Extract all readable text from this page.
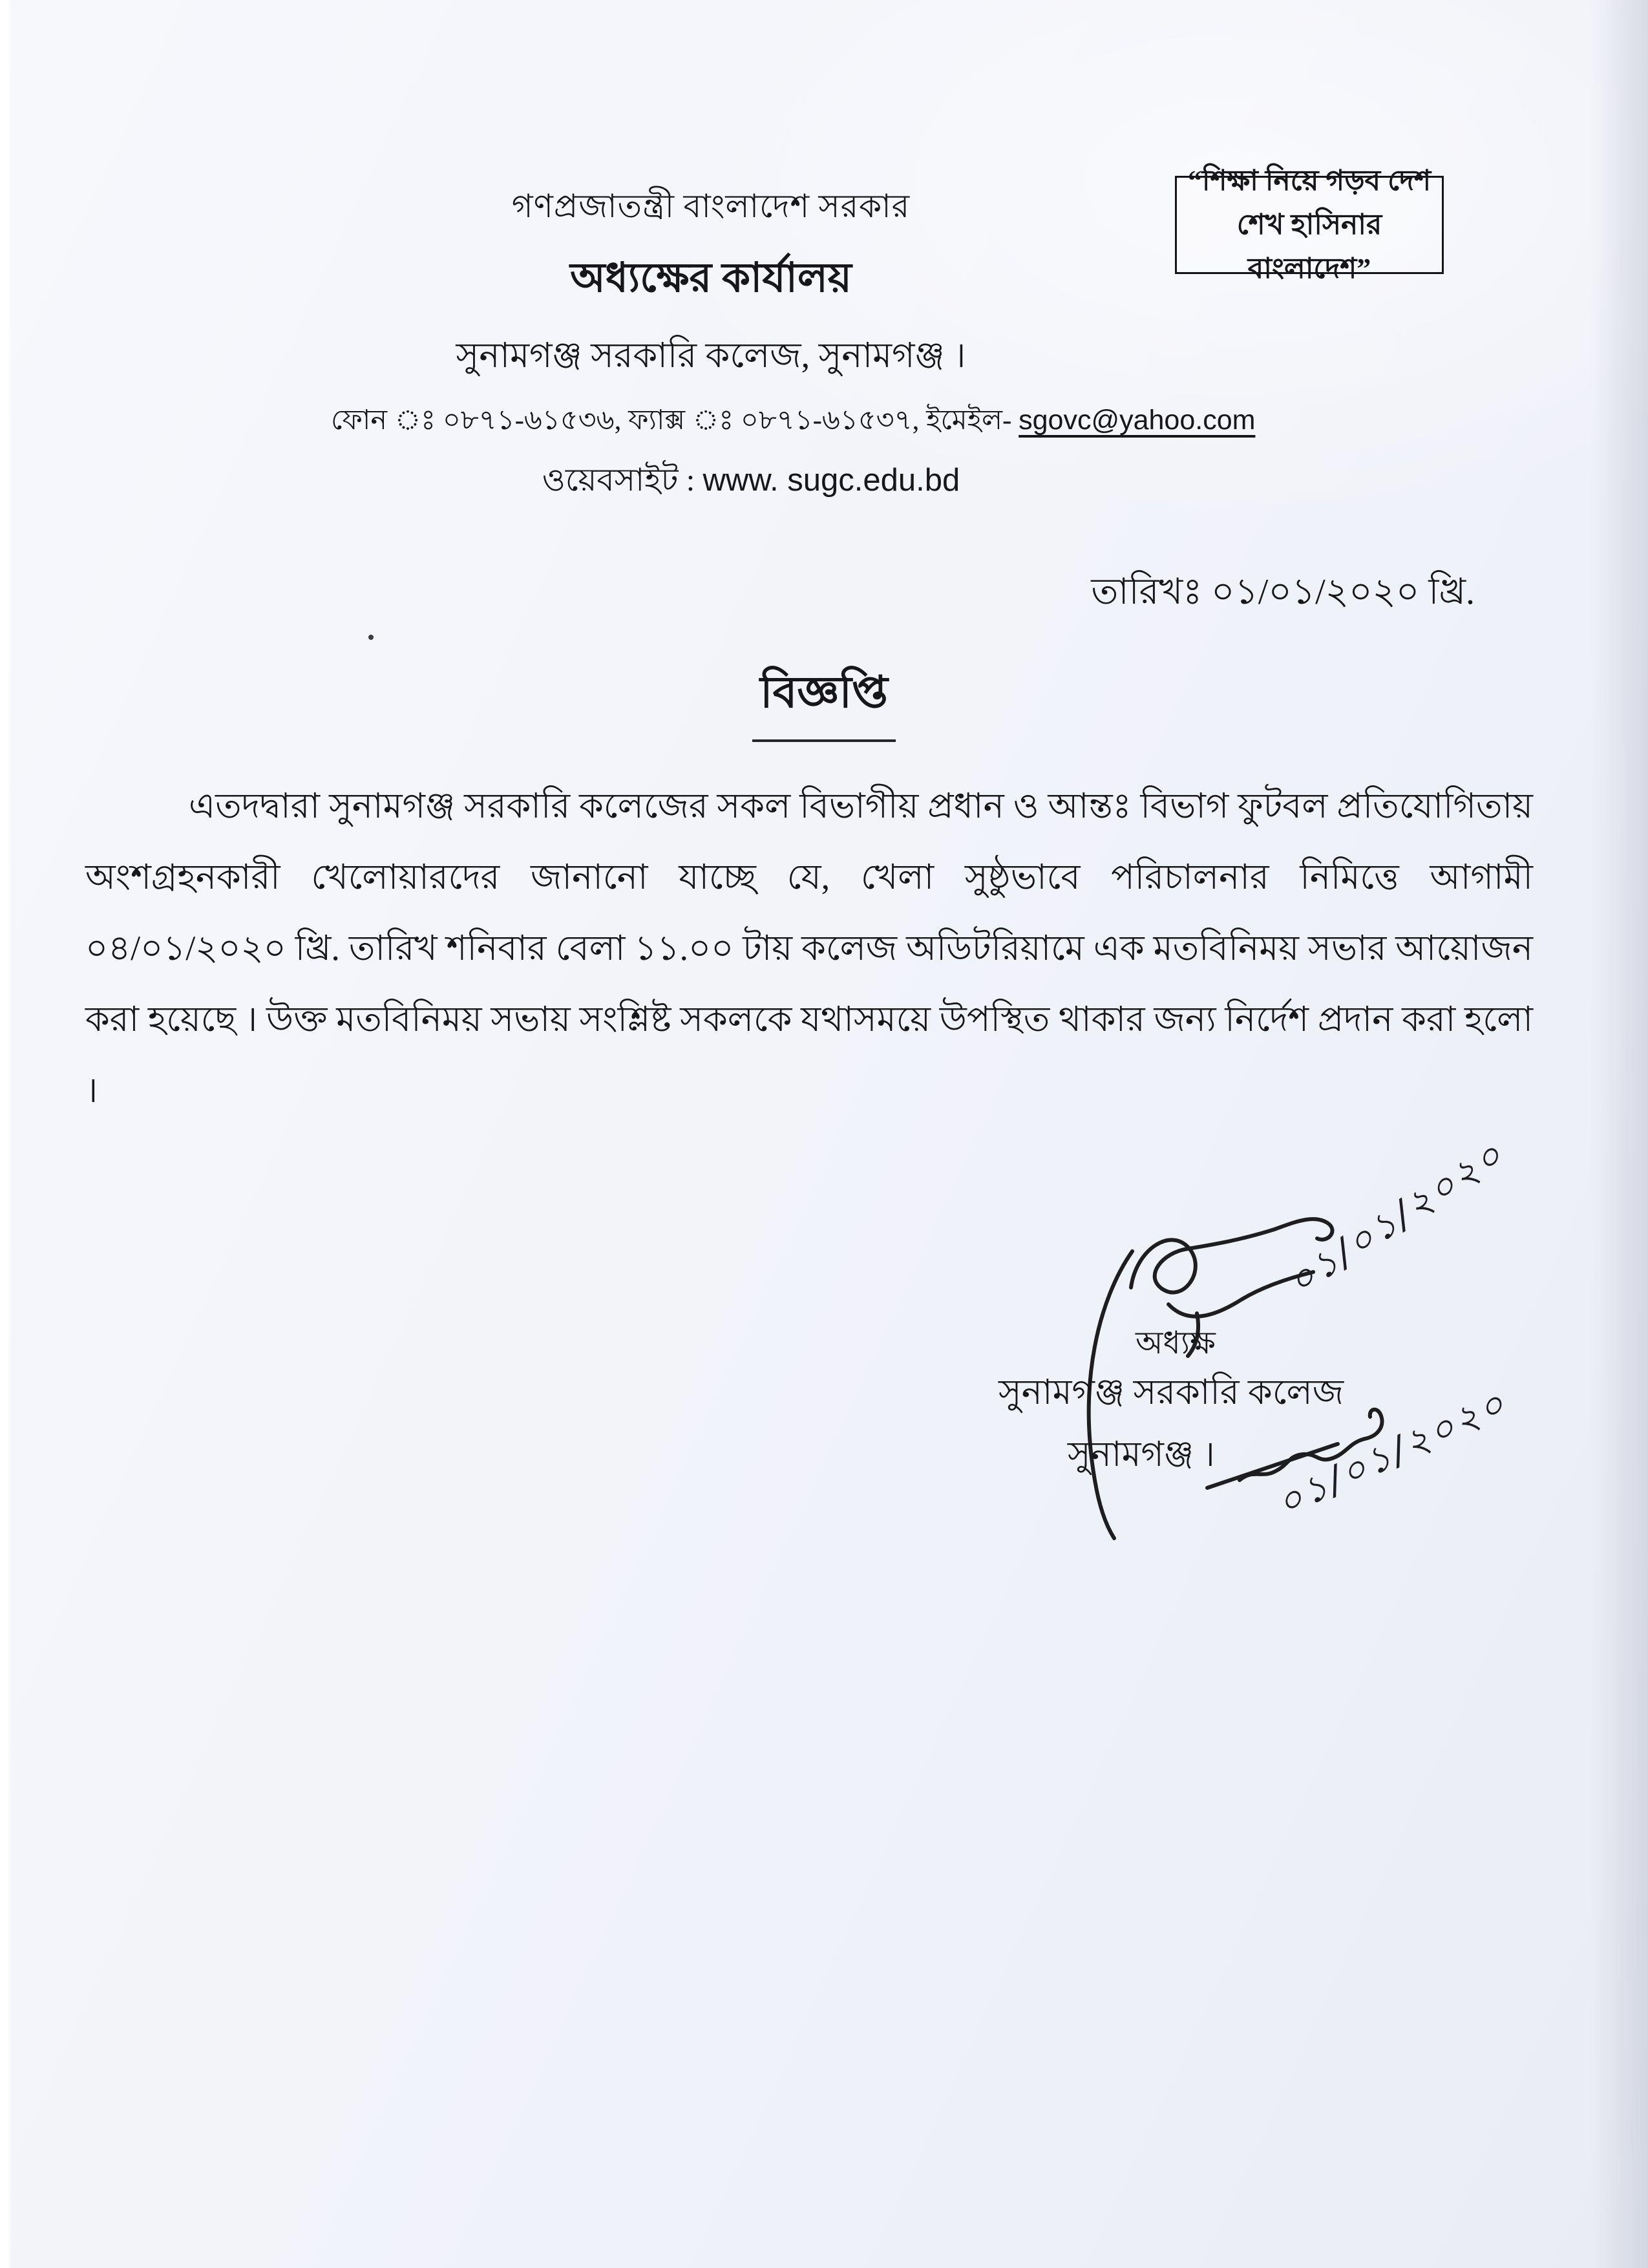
গণপ্রজাতন্ত্রী বাংলাদেশ সরকার
অধ্যক্ষের কার্যালয়
সুনামগঞ্জ সরকারি কলেজ, সুনামগঞ্জ ।
ফোন ঃ ০৮৭১-৬১৫৩৬, ফ্যাক্স ঃ ০৮৭১-৬১৫৩৭, ইমেইল- sgovc@yahoo.com
ওয়েবসাইট : www. sugc.edu.bd
“শিক্ষা নিয়ে গড়ব দেশ
শেখ হাসিনার বাংলাদেশ”
তারিখঃ ০১/০১/২০২০ খ্রি.
বিজ্ঞপ্তি
এতদদ্বারা সুনামগঞ্জ সরকারি কলেজের সকল বিভাগীয় প্রধান ও আন্তঃ বিভাগ ফুটবল প্রতিযোগিতায় অংশগ্রহনকারী খেলোয়ারদের জানানো যাচ্ছে যে, খেলা সুষ্ঠুভাবে পরিচালনার নিমিত্তে আগামী ০৪/০১/২০২০ খ্রি. তারিখ শনিবার বেলা ১১.০০ টায় কলেজ অডিটরিয়ামে এক মতবিনিময় সভার আয়োজন করা হয়েছে । উক্ত মতবিনিময় সভায় সংশ্লিষ্ট সকলকে যথাসময়ে উপস্থিত থাকার জন্য নির্দেশ প্রদান করা হলো ।
০১/০১/২০২০
০১/০১/২০২০
অধ্যক্ষ
সুনামগঞ্জ সরকারি কলেজ
সুনামগঞ্জ ।
